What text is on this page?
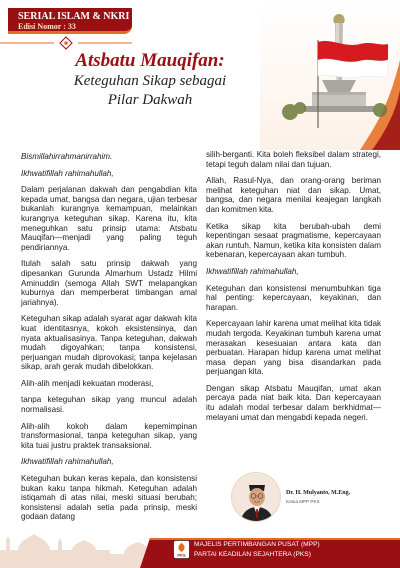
SERIAL ISLAM & NKRI
Edisi Nomor : 33
Atsbatu Mauqifan:
Keteguhan Sikap sebagai
Pilar Dakwah

Bismillahirrahmanirrahim.

Ikhwatifillah rahimahullah,

Dalam perjalanan dakwah dan pengabdian kita kepada umat, bangsa dan negara, ujian terbesar bukanlah kurangnya kemampuan, melainkan kurangnya keteguhan sikap. Karena itu, kita meneguhkan satu prinsip utama: Atsbatu Mauqifan—menjadi yang paling teguh pendiriannya.

Itulah salah satu prinsip dakwah yang dipesankan Gurunda Almarhum Ustadz Hilmi Aminuddin (semoga Allah SWT melapangkan kuburnya dan memperberat timbangan amal jariahnya).

Keteguhan sikap adalah syarat agar dakwah kita kuat identitasnya, kokoh eksistensinya, dan nyata aktualisasinya. Tanpa keteguhan, dakwah mudah digoyahkan; tanpa konsistensi, perjuangan mudah diprovokasi; tanpa kejelasan sikap, arah gerak mudah dibelokkan.

Alih-alih menjadi kekuatan moderasi,

tanpa keteguhan sikap yang muncul adalah normalisasi.

Alih-alih kokoh dalam kepemimpinan transformasional, tanpa keteguhan sikap, yang kita tuai justru praktek transaksional.

Ikhwatifillah rahimahullah,

Keteguhan bukan keras kepala, dan konsistensi bukan kaku tanpa hikmah. Keteguhan adalah istiqamah di atas nilai, meski situasi berubah; konsistensi adalah setia pada prinsip, meski godaan datang

silih-berganti. Kita boleh fleksibel dalam strategi, tetapi teguh dalam nilai dan tujuan.

Allah, Rasul-Nya, dan orang-orang beriman melihat keteguhan niat dan sikap. Umat, bangsa, dan negara menilai keajegan langkah dan komitmen kita.

Ketika sikap kita berubah-ubah demi kepentingan sesaat pragmatisme, kepercayaan akan runtuh. Namun, ketika kita konsisten dalam kebenaran, kepercayaan akan tumbuh.

Ikhwatifillah rahimahullah,

Keteguhan dan konsistensi menumbuhkan tiga hal penting: kepercayaan, keyakinan, dan harapan.

Kepercayaan lahir karena umat melihat kita tidak mudah tergoda. Keyakinan tumbuh karena umat merasakan kesesuaian antara kata dan perbuatan. Harapan hidup karena umat melihat masa depan yang bisa disandarkan pada perjuangan kita.

Dengan sikap Atsbatu Mauqifan, umat akan percaya pada niat baik kita. Dan kepercayaan itu adalah modal terbesar dalam berkhidmat—melayani umat dan mengabdi kepada negeri.

Dr. H. Mulyanto, M.Eng.
Ketua MPP PKS
PKS
MAJELIS PERTIMBANGAN PUSAT (MPP)
PARTAI KEADILAN SEJAHTERA (PKS)
